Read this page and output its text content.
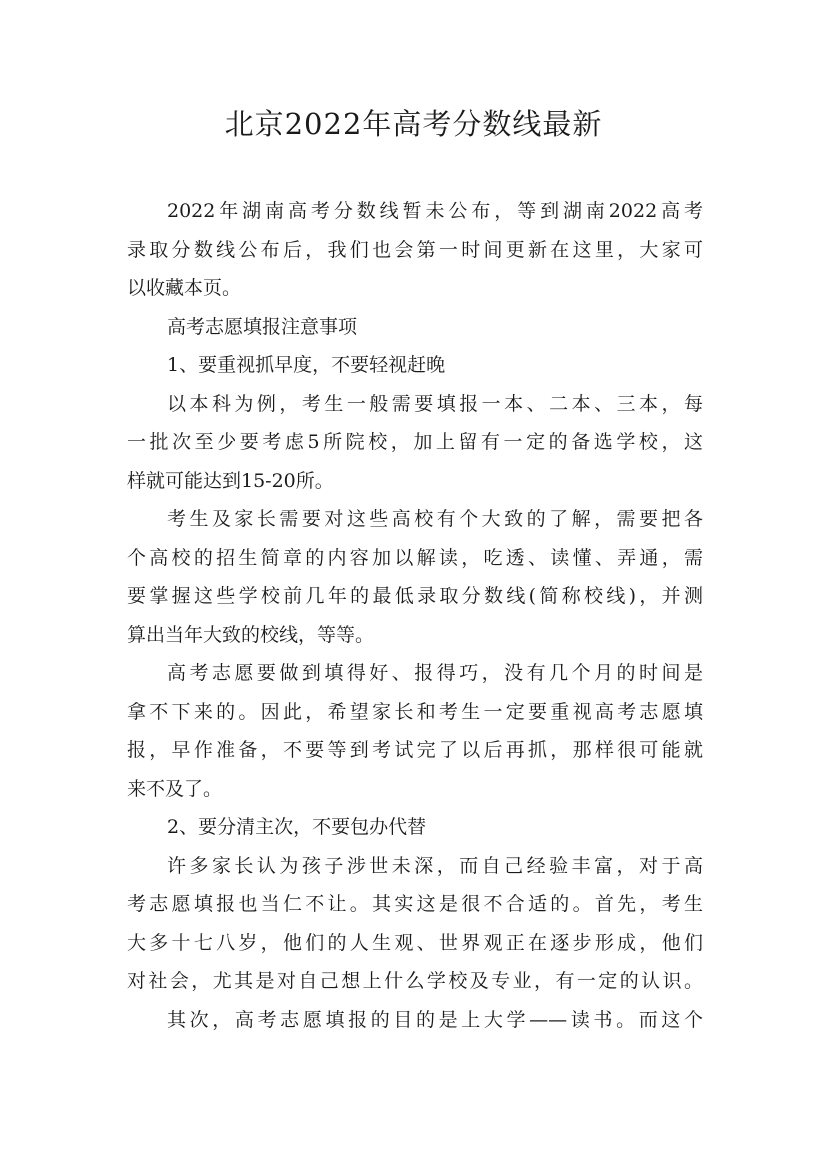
北京2022年高考分数线最新
2022年湖南高考分数线暂未公布，等到湖南2022高考
录取分数线公布后，我们也会第一时间更新在这里，大家可
以收藏本页。
高考志愿填报注意事项
1、要重视抓早度，不要轻视赶晚
以本科为例，考生一般需要填报一本、二本、三本，每
一批次至少要考虑5所院校，加上留有一定的备选学校，这
样就可能达到15-20所。
考生及家长需要对这些高校有个大致的了解，需要把各
个高校的招生简章的内容加以解读，吃透、读懂、弄通，需
要掌握这些学校前几年的最低录取分数线(简称校线)，并测
算出当年大致的校线，等等。
高考志愿要做到填得好、报得巧，没有几个月的时间是
拿不下来的。因此，希望家长和考生一定要重视高考志愿填
报，早作准备，不要等到考试完了以后再抓，那样很可能就
来不及了。
2、要分清主次，不要包办代替
许多家长认为孩子涉世未深，而自己经验丰富，对于高
考志愿填报也当仁不让。其实这是很不合适的。首先，考生
大多十七八岁，他们的人生观、世界观正在逐步形成，他们
对社会，尤其是对自己想上什么学校及专业，有一定的认识。
其次，高考志愿填报的目的是上大学——读书。而这个
